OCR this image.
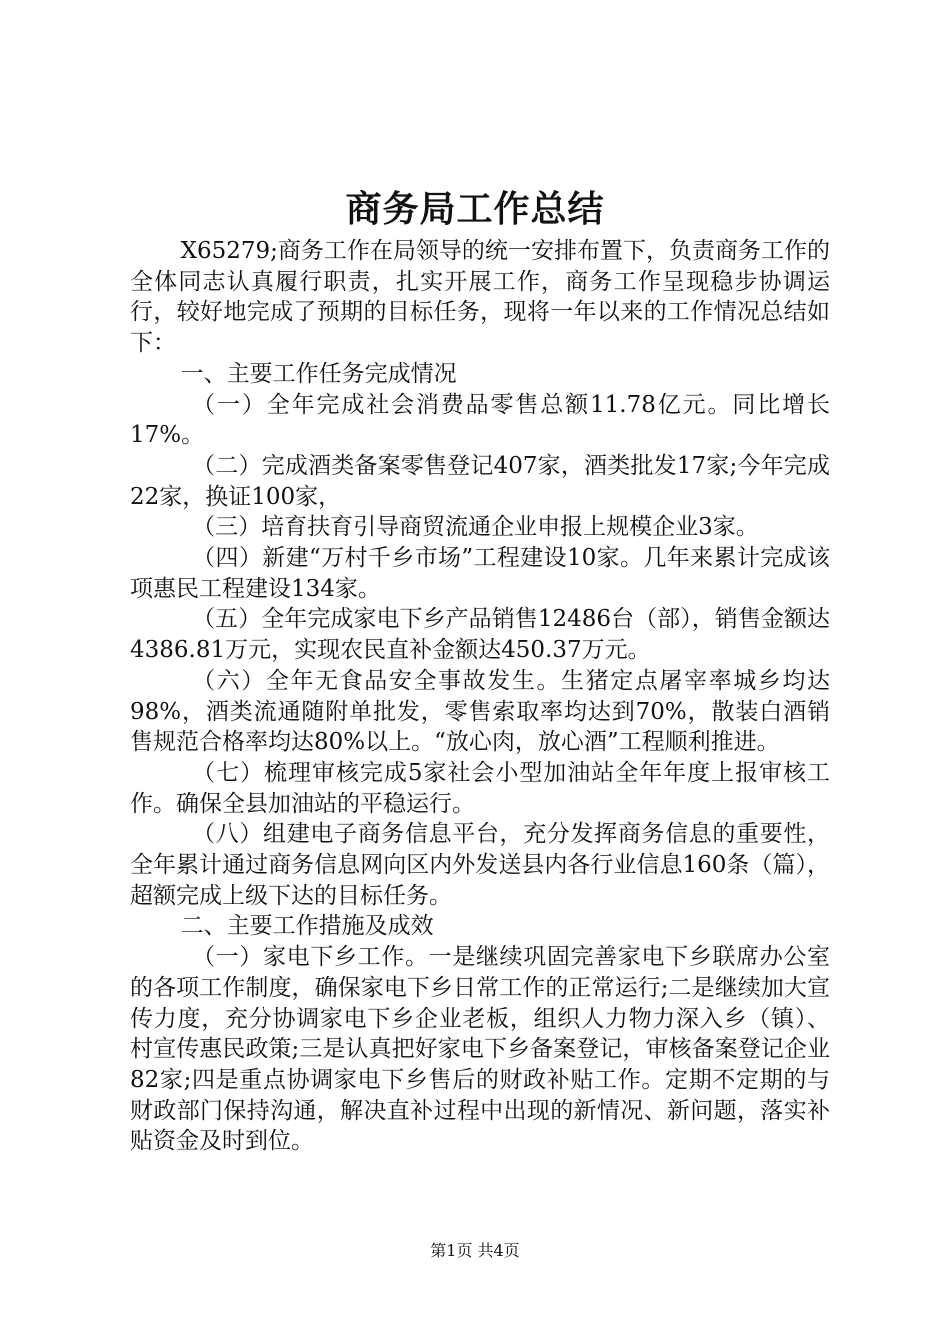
商务局工作总结

X65279;商务工作在局领导的统一安排布置下，负责商务工作的全体同志认真履行职责，扎实开展工作，商务工作呈现稳步协调运行，较好地完成了预期的目标任务，现将一年以来的工作情况总结如下：

一、主要工作任务完成情况

（一）全年完成社会消费品零售总额11.78亿元。同比增长17%。

（二）完成酒类备案零售登记407家，酒类批发17家;今年完成22家，换证100家，

（三）培育扶育引导商贸流通企业申报上规模企业3家。

（四）新建“万村千乡市场”工程建设10家。几年来累计完成该项惠民工程建设134家。

（五）全年完成家电下乡产品销售12486台（部），销售金额达4386.81万元，实现农民直补金额达450.37万元。

（六）全年无食品安全事故发生。生猪定点屠宰率城乡均达98%，酒类流通随附单批发，零售索取率均达到70%，散装白酒销售规范合格率均达80%以上。“放心肉，放心酒”工程顺利推进。

（七）梳理审核完成5家社会小型加油站全年年度上报审核工作。确保全县加油站的平稳运行。

（八）组建电子商务信息平台，充分发挥商务信息的重要性，全年累计通过商务信息网向区内外发送县内各行业信息160条（篇），超额完成上级下达的目标任务。

二、主要工作措施及成效

（一）家电下乡工作。一是继续巩固完善家电下乡联席办公室的各项工作制度，确保家电下乡日常工作的正常运行;二是继续加大宣传力度，充分协调家电下乡企业老板，组织人力物力深入乡（镇）、村宣传惠民政策;三是认真把好家电下乡备案登记，审核备案登记企业82家;四是重点协调家电下乡售后的财政补贴工作。定期不定期的与财政部门保持沟通，解决直补过程中出现的新情况、新问题，落实补贴资金及时到位。

第1页 共4页
